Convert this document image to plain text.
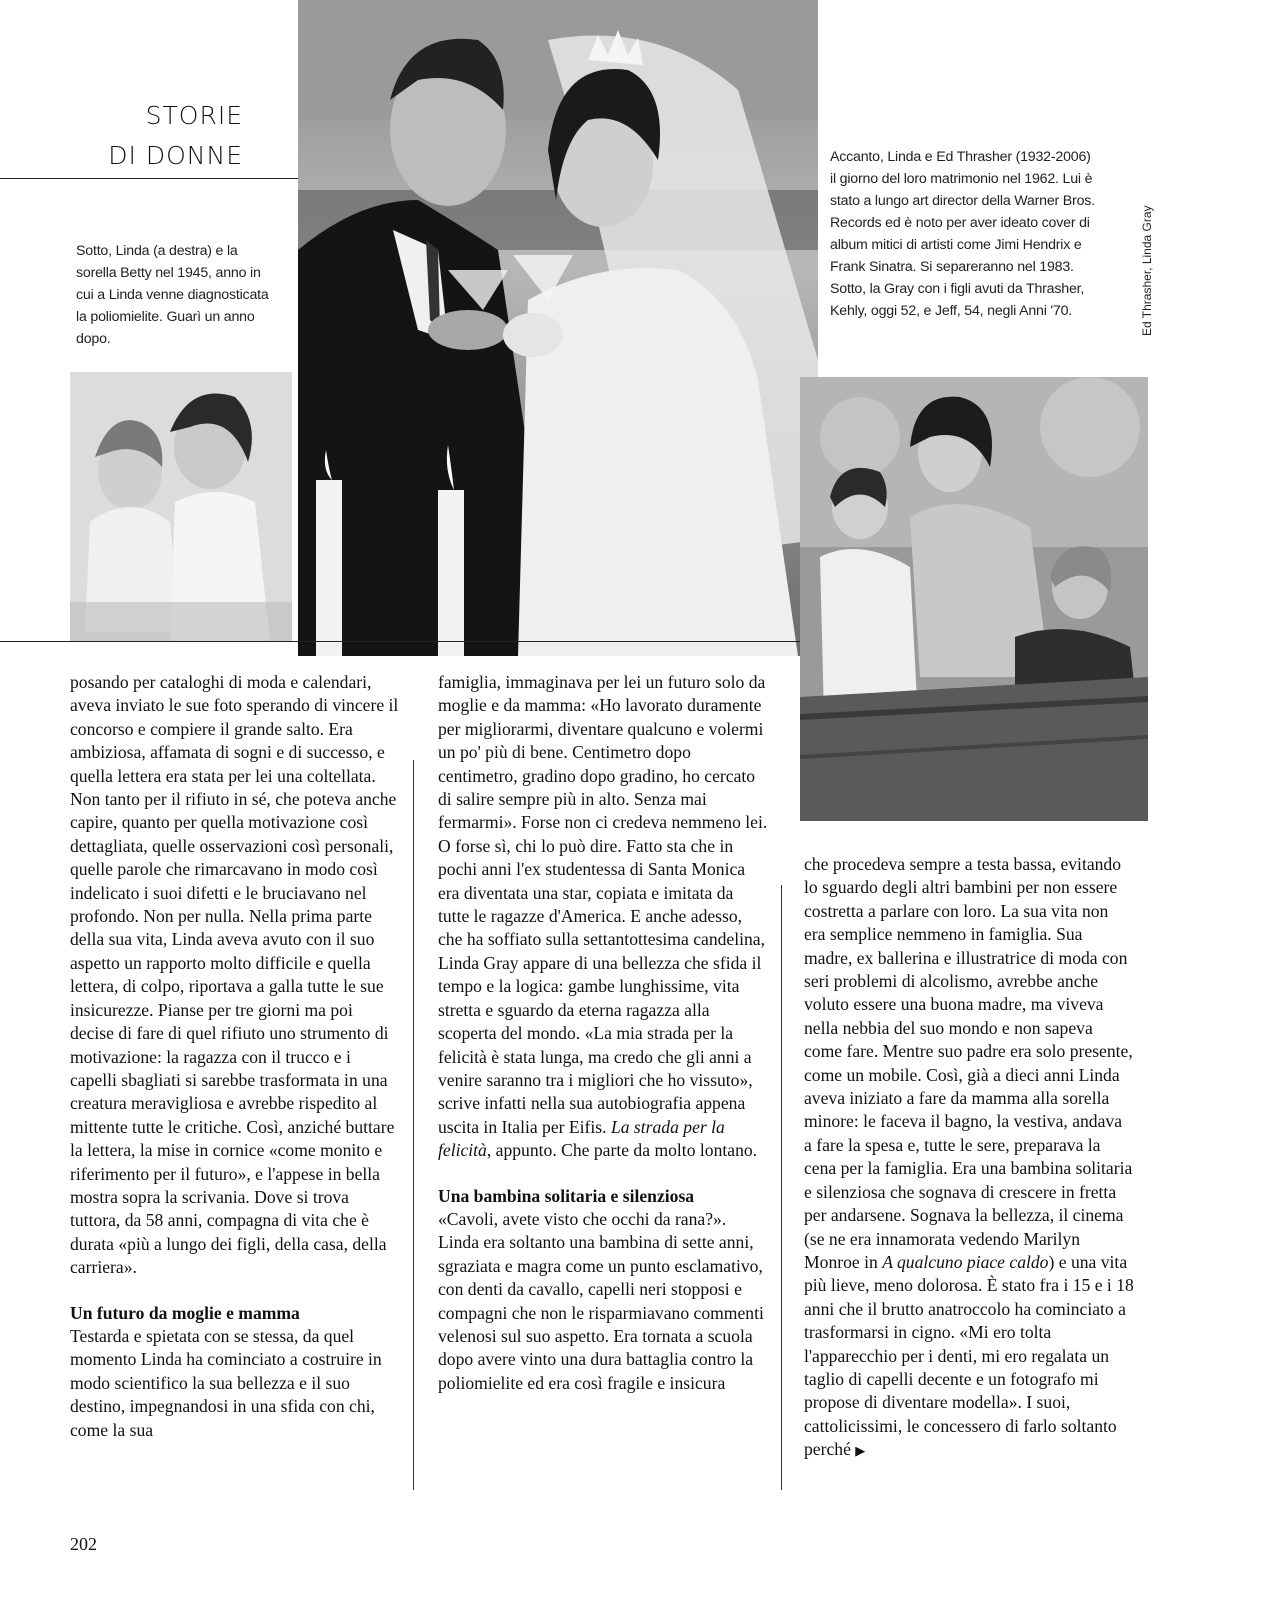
STORIE
DI DONNE
Sotto, Linda (a destra) e la sorella Betty nel 1945, anno in cui a Linda venne diagnosticata la poliomielite. Guarì un anno dopo.
Accanto, Linda e Ed Thrasher (1932-2006) il giorno del loro matrimonio nel 1962. Lui è stato a lungo art director della Warner Bros. Records ed è noto per aver ideato cover di album mitici di artisti come Jimi Hendrix e Frank Sinatra. Si separeranno nel 1983. Sotto, la Gray con i figli avuti da Thrasher, Kehly, oggi 52, e Jeff, 54, negli Anni '70.	Ed Thrasher, Linda Gray

posando per cataloghi di moda e calendari, aveva inviato le sue foto sperando di vincere il concorso e compiere il grande salto. Era ambiziosa, affamata di sogni e di successo, e quella lettera era stata per lei una coltellata. Non tanto per il rifiuto in sé, che poteva anche capire, quanto per quella motivazione così dettagliata, quelle osservazioni così personali, quelle parole che rimarcavano in modo così indelicato i suoi difetti e le bruciavano nel profondo. Non per nulla. Nella prima parte della sua vita, Linda aveva avuto con il suo aspetto un rapporto molto difficile e quella lettera, di colpo, riportava a galla tutte le sue insicurezze. Pianse per tre giorni ma poi decise di fare di quel rifiuto uno strumento di motivazione: la ragazza con il trucco e i capelli sbagliati si sarebbe trasformata in una creatura meravigliosa e avrebbe rispedito al mittente tutte le critiche. Così, anziché buttare la lettera, la mise in cornice «come monito e riferimento per il futuro», e l'appese in bella mostra sopra la scrivania. Dove si trova tuttora, da 58 anni, compagna di vita che è durata «più a lungo dei figli, della casa, della carriera».

Un futuro da moglie e mamma

Testarda e spietata con se stessa, da quel momento Linda ha cominciato a costruire in modo scientifico la sua bellezza e il suo destino, impegnandosi in una sfida con chi, come la sua

famiglia, immaginava per lei un futuro solo da moglie e da mamma: «Ho lavorato duramente per migliorarmi, diventare qualcuno e volermi un po' più di bene. Centimetro dopo centimetro, gradino dopo gradino, ho cercato di salire sempre più in alto. Senza mai fermarmi». Forse non ci credeva nemmeno lei. O forse sì, chi lo può dire. Fatto sta che in pochi anni l'ex studentessa di Santa Monica era diventata una star, copiata e imitata da tutte le ragazze d'America. E anche adesso, che ha soffiato sulla settantottesima candelina, Linda Gray appare di una bellezza che sfida il tempo e la logica: gambe lunghissime, vita stretta e sguardo da eterna ragazza alla scoperta del mondo. «La mia strada per la felicità è stata lunga, ma credo che gli anni a venire saranno tra i migliori che ho vissuto», scrive infatti nella sua autobiografia appena uscita in Italia per Eifis. La strada per la felicità, appunto. Che parte da molto lontano.

Una bambina solitaria e silenziosa

«Cavoli, avete visto che occhi da rana?». Linda era soltanto una bambina di sette anni, sgraziata e magra come un punto esclamativo, con denti da cavallo, capelli neri stopposi e compagni che non le risparmiavano commenti velenosi sul suo aspetto. Era tornata a scuola dopo avere vinto una dura battaglia contro la poliomielite ed era così fragile e insicura

che procedeva sempre a testa bassa, evitando lo sguardo degli altri bambini per non essere costretta a parlare con loro. La sua vita non era semplice nemmeno in famiglia. Sua madre, ex ballerina e illustratrice di moda con seri problemi di alcolismo, avrebbe anche voluto essere una buona madre, ma viveva nella nebbia del suo mondo e non sapeva come fare. Mentre suo padre era solo presente, come un mobile. Così, già a dieci anni Linda aveva iniziato a fare da mamma alla sorella minore: le faceva il bagno, la vestiva, andava a fare la spesa e, tutte le sere, preparava la cena per la famiglia. Era una bambina solitaria e silenziosa che sognava di crescere in fretta per andarsene. Sognava la bellezza, il cinema (se ne era innamorata vedendo Marilyn Monroe in A qualcuno piace caldo) e una vita più lieve, meno dolorosa. È stato fra i 15 e i 18 anni che il brutto anatroccolo ha cominciato a trasformarsi in cigno. «Mi ero tolta l'apparecchio per i denti, mi ero regalata un taglio di capelli decente e un fotografo mi propose di diventare modella». I suoi, cattolicissimi, le concessero di farlo soltanto perché ▶

202
